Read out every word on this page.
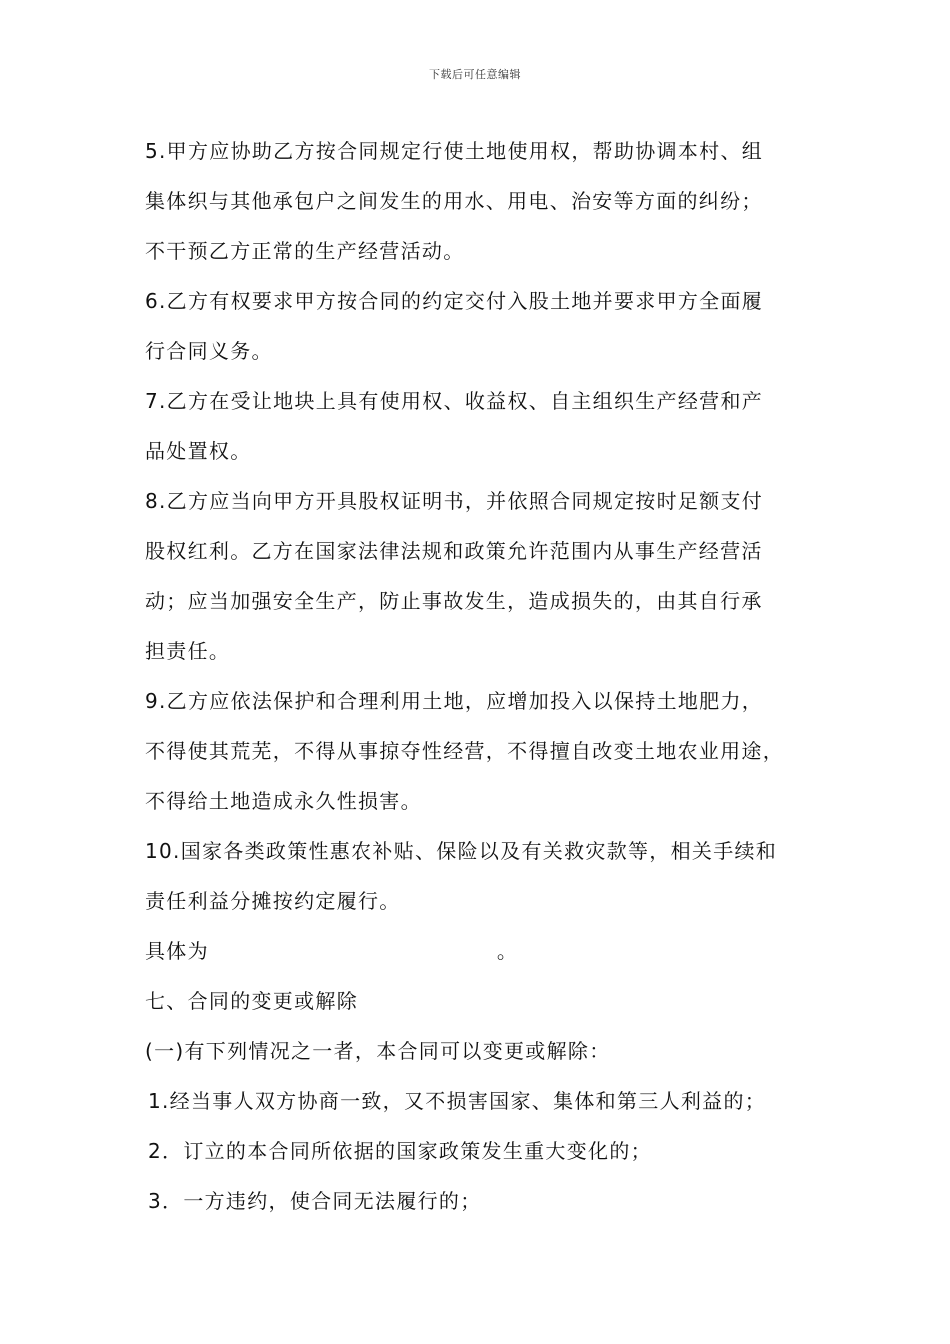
下载后可任意编辑
5.甲方应协助乙方按合同规定行使土地使用权，帮助协调本村、组
集体织与其他承包户之间发生的用水、用电、治安等方面的纠纷；
不干预乙方正常的生产经营活动。
6.乙方有权要求甲方按合同的约定交付入股土地并要求甲方全面履
行合同义务。
7.乙方在受让地块上具有使用权、收益权、自主组织生产经营和产
品处置权。
8.乙方应当向甲方开具股权证明书，并依照合同规定按时足额支付
股权红利。乙方在国家法律法规和政策允许范围内从事生产经营活
动；应当加强安全生产，防止事故发生，造成损失的，由其自行承
担责任。
9.乙方应依法保护和合理利用土地，应增加投入以保持土地肥力，
不得使其荒芜，不得从事掠夺性经营，不得擅自改变土地农业用途，
不得给土地造成永久性损害。
10.国家各类政策性惠农补贴、保险以及有关救灾款等，相关手续和
责任利益分摊按约定履行。
具体为	。
七、合同的变更或解除
(一)有下列情况之一者，本合同可以变更或解除：
1.经当事人双方协商一致，又不损害国家、集体和第三人利益的；
2．订立的本合同所依据的国家政策发生重大变化的；
3．一方违约，使合同无法履行的；
